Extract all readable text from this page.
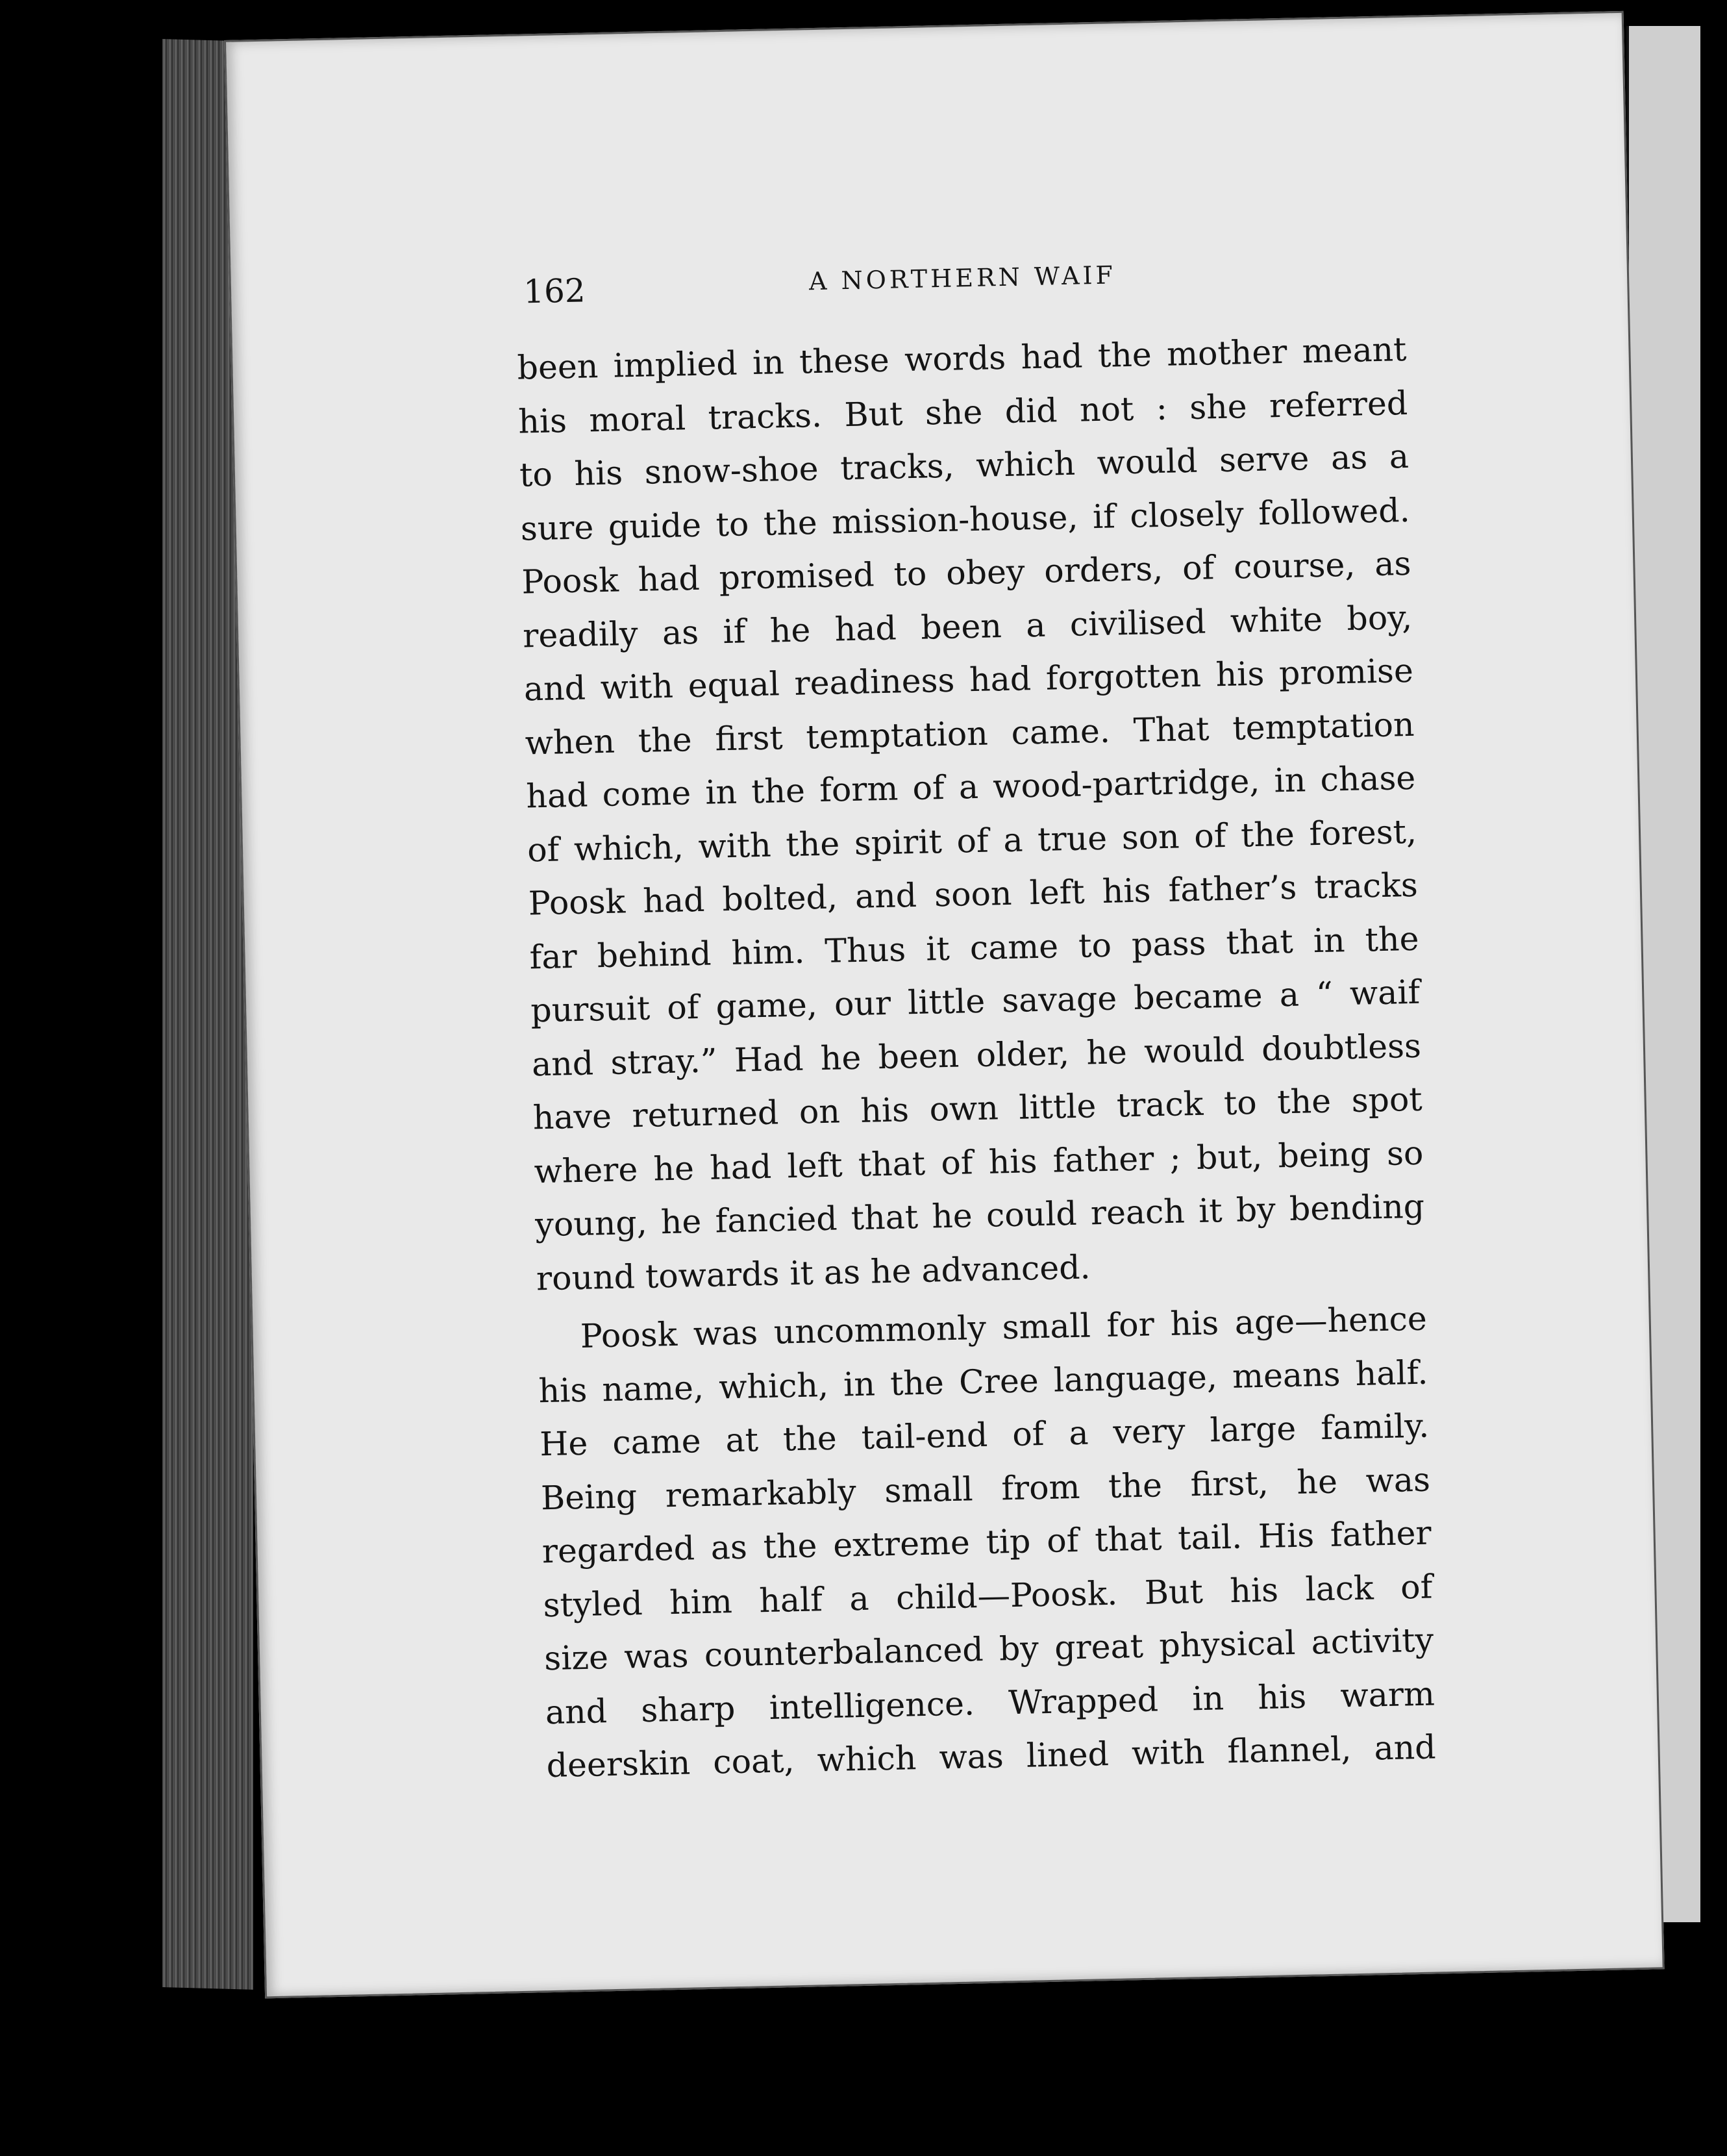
162	A NORTHERN WAIF
been implied in these words had the mother meant
his moral tracks. But she did not : she referred
to his snow-shoe tracks, which would serve as a
sure guide to the mission-house, if closely followed.
Poosk had promised to obey orders, of course, as
readily as if he had been a civilised white boy,
and with equal readiness had forgotten his promise
when the first temptation came. That temptation
had come in the form of a wood-partridge, in chase
of which, with the spirit of a true son of the forest,
Poosk had bolted, and soon left his father’s tracks
far behind him. Thus it came to pass that in the
pursuit of game, our little savage became a “ waif
and stray.” Had he been older, he would doubtless
have returned on his own little track to the spot
where he had left that of his father ; but, being so
young, he fancied that he could reach it by bending
round towards it as he advanced.
Poosk was uncommonly small for his age—hence
his name, which, in the Cree language, means half.
He came at the tail-end of a very large family.
Being remarkably small from the first, he was
regarded as the extreme tip of that tail. His father
styled him half a child—Poosk. But his lack of
size was counterbalanced by great physical activity
and sharp intelligence. Wrapped in his warm
deerskin coat, which was lined with flannel, and
